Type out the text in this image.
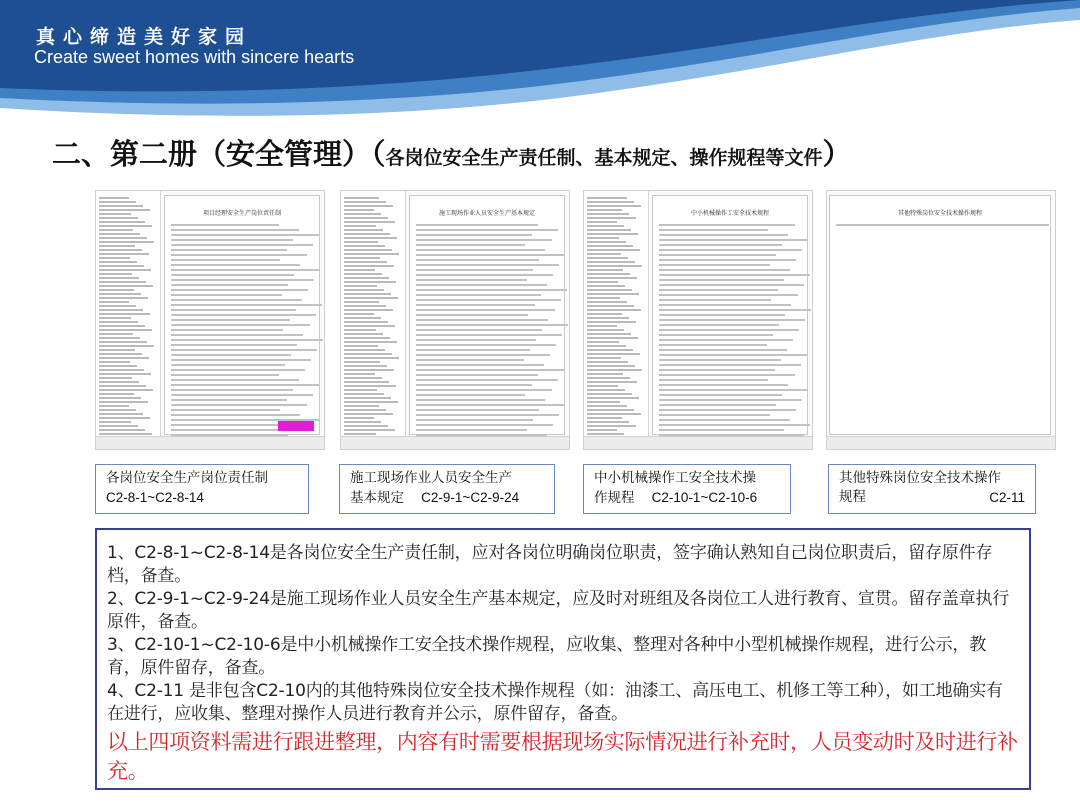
真心缔造美好家园
Create sweet homes with sincere hearts
二、第二册（安全管理）（各岗位安全生产责任制、基本规定、操作规程等文件）
项目经理安全生产岗位责任制	施工现场作业人员安全生产基本规定	中小机械操作工安全技术规程	其他特殊岗位安全技术操作规程
各岗位安全生产岗位责任制
C2-8-1~C2-8-14
施工现场作业人员安全生产
基本规定 C2-9-1~C2-9-24
中小机械操作工安全技术操
作规程 C2-10-1~C2-10-6
其他特殊岗位安全技术操作
规程	C2-11
1、C2-8-1~C2-8-14是各岗位安全生产责任制，应对各岗位明确岗位职责，签字确认熟知自己岗位职责后，留存原件存档，备查。
2、C2-9-1~C2-9-24是施工现场作业人员安全生产基本规定，应及时对班组及各岗位工人进行教育、宣贯。留存盖章执行原件，备查。
3、C2-10-1~C2-10-6是中小机械操作工安全技术操作规程，应收集、整理对各种中小型机械操作规程，进行公示，教育，原件留存，备查。
4、C2-11 是非包含C2-10内的其他特殊岗位安全技术操作规程（如：油漆工、高压电工、机修工等工种），如工地确实有在进行，应收集、整理对操作人员进行教育并公示，原件留存，备查。
以上四项资料需进行跟进整理，内容有时需要根据现场实际情况进行补充时，人员变动时及时进行补充。
